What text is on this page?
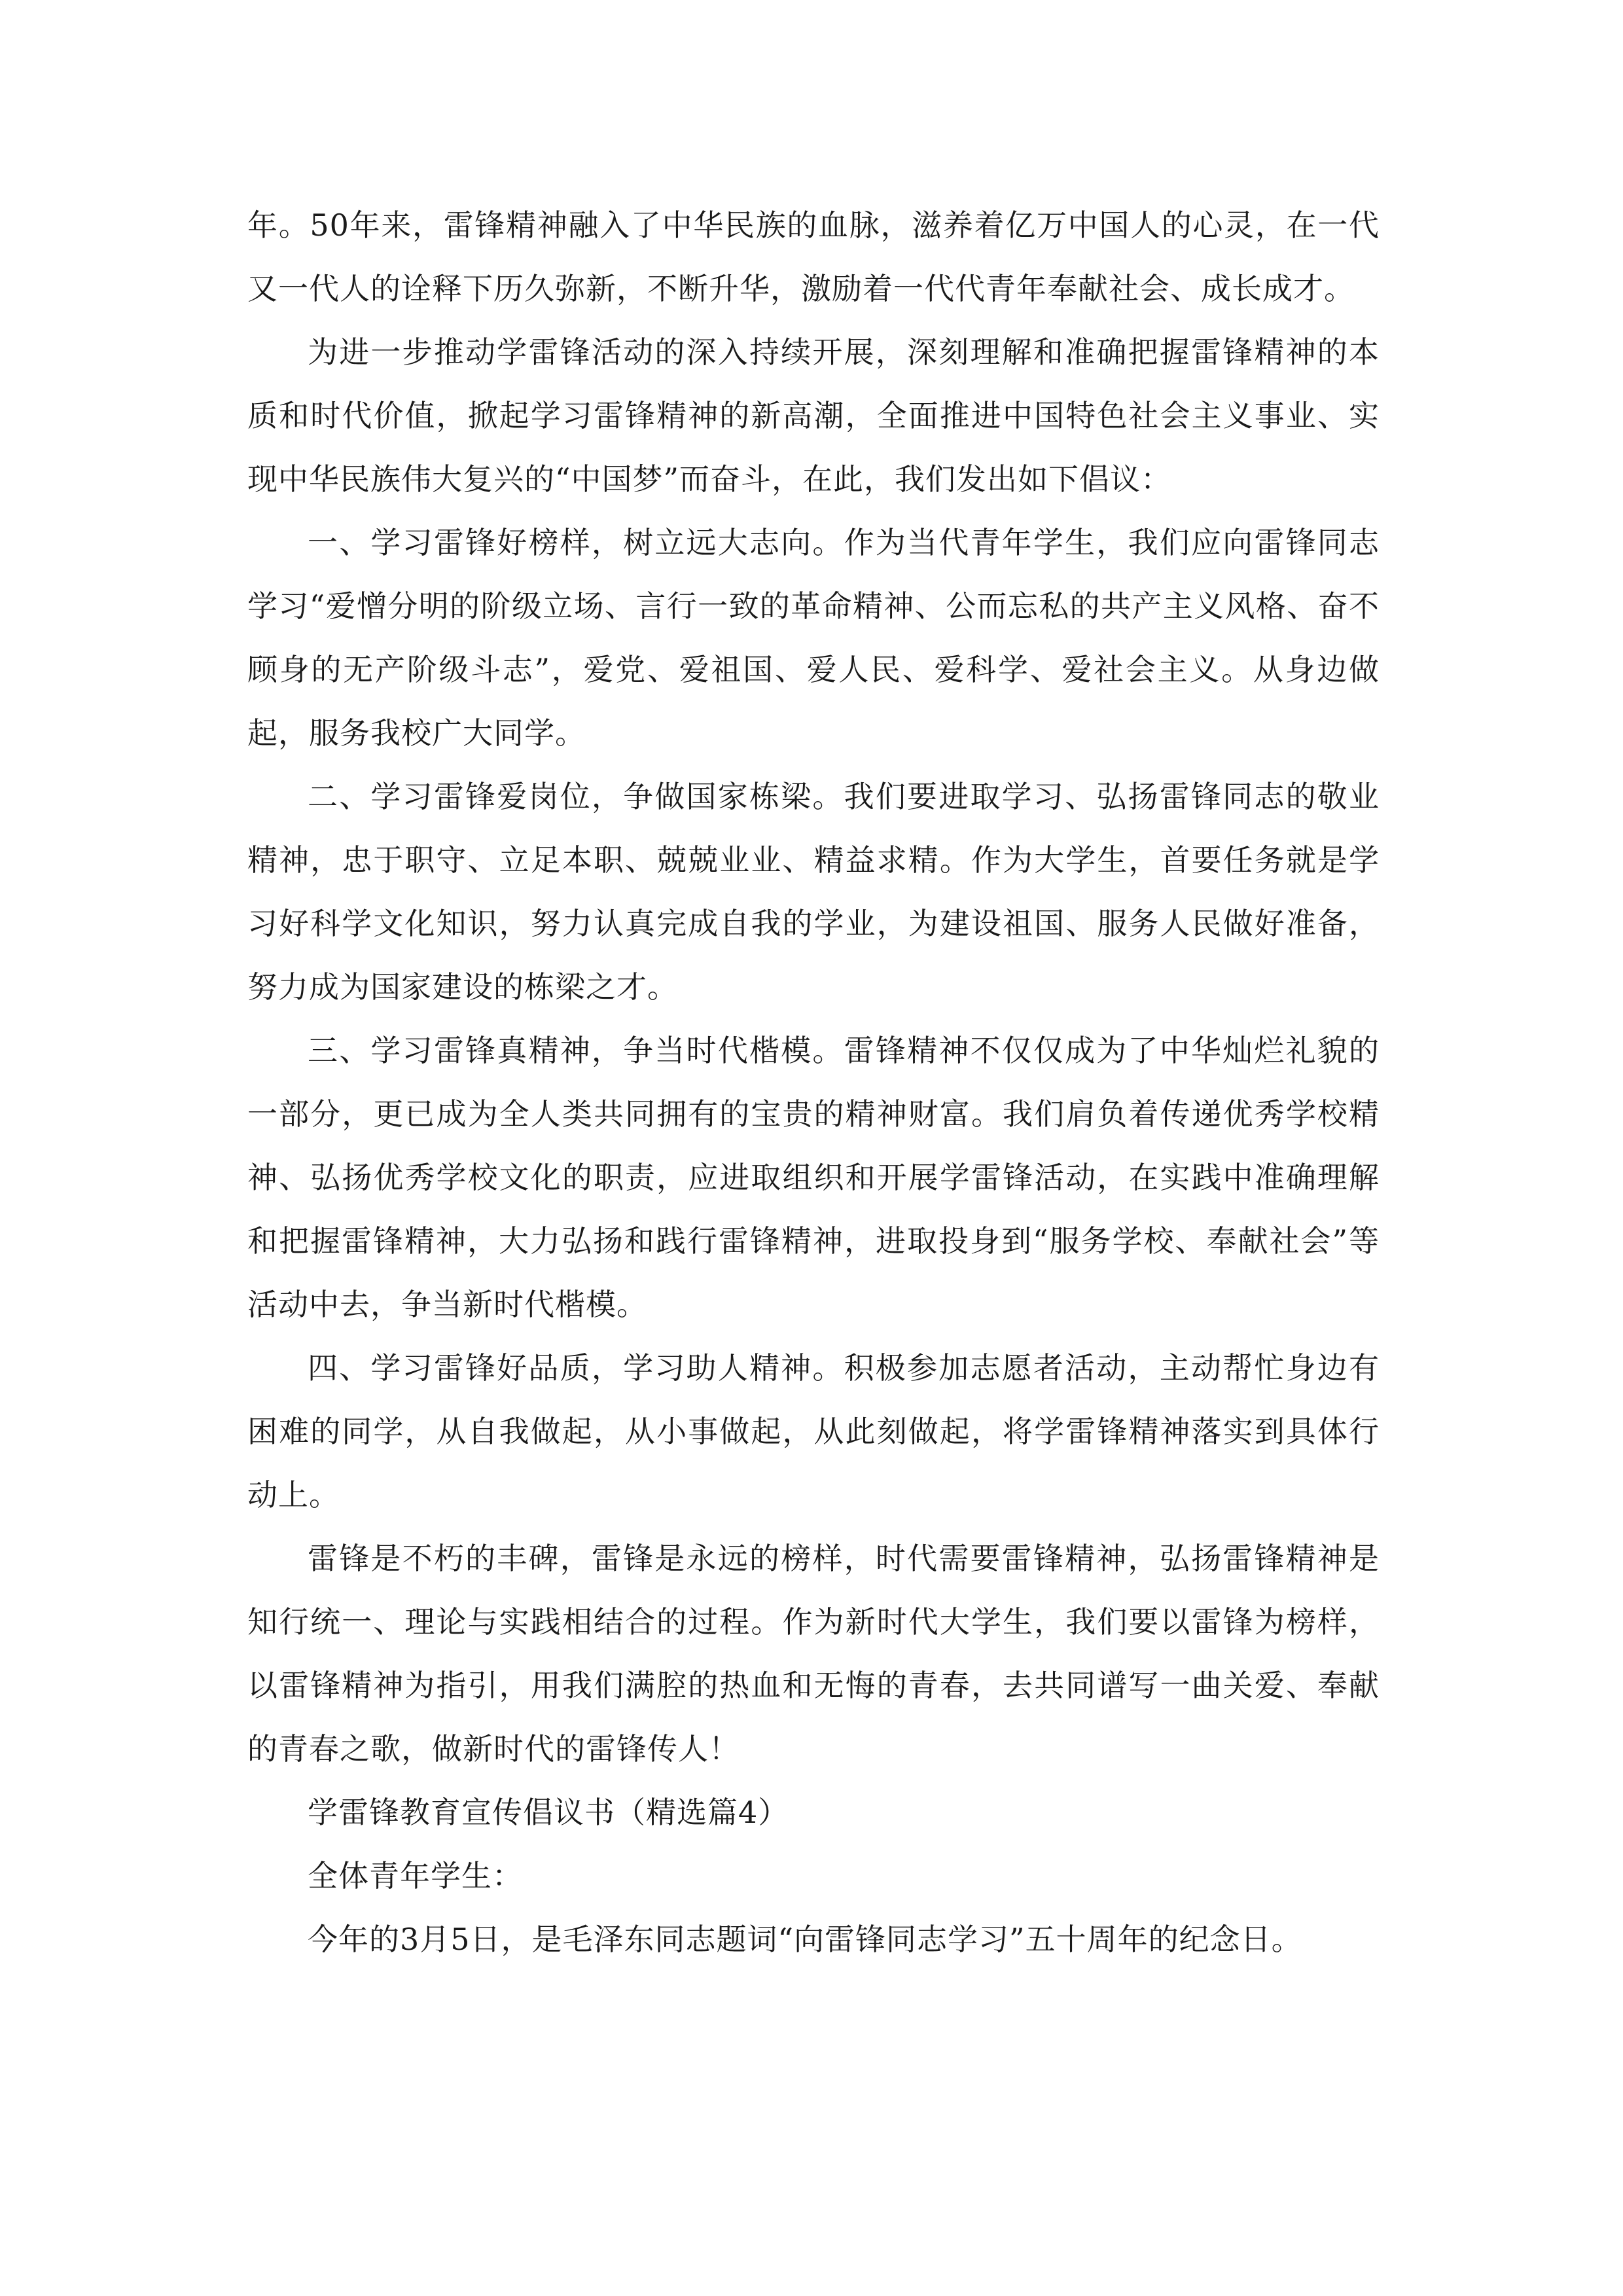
年。50年来，雷锋精神融入了中华民族的血脉，滋养着亿万中国人的心灵，在一代又一代人的诠释下历久弥新，不断升华，激励着一代代青年奉献社会、成长成才。

为进一步推动学雷锋活动的深入持续开展，深刻理解和准确把握雷锋精神的本质和时代价值，掀起学习雷锋精神的新高潮，全面推进中国特色社会主义事业、实现中华民族伟大复兴的“中国梦”而奋斗，在此，我们发出如下倡议：

一、学习雷锋好榜样，树立远大志向。作为当代青年学生，我们应向雷锋同志学习“爱憎分明的阶级立场、言行一致的革命精神、公而忘私的共产主义风格、奋不顾身的无产阶级斗志”，爱党、爱祖国、爱人民、爱科学、爱社会主义。从身边做起，服务我校广大同学。

二、学习雷锋爱岗位，争做国家栋梁。我们要进取学习、弘扬雷锋同志的敬业精神，忠于职守、立足本职、兢兢业业、精益求精。作为大学生，首要任务就是学习好科学文化知识，努力认真完成自我的学业，为建设祖国、服务人民做好准备，努力成为国家建设的栋梁之才。

三、学习雷锋真精神，争当时代楷模。雷锋精神不仅仅成为了中华灿烂礼貌的一部分，更已成为全人类共同拥有的宝贵的精神财富。我们肩负着传递优秀学校精神、弘扬优秀学校文化的职责，应进取组织和开展学雷锋活动，在实践中准确理解和把握雷锋精神，大力弘扬和践行雷锋精神，进取投身到“服务学校、奉献社会”等活动中去，争当新时代楷模。

四、学习雷锋好品质，学习助人精神。积极参加志愿者活动，主动帮忙身边有困难的同学，从自我做起，从小事做起，从此刻做起，将学雷锋精神落实到具体行动上。

雷锋是不朽的丰碑，雷锋是永远的榜样，时代需要雷锋精神，弘扬雷锋精神是知行统一、理论与实践相结合的过程。作为新时代大学生，我们要以雷锋为榜样，以雷锋精神为指引，用我们满腔的热血和无悔的青春，去共同谱写一曲关爱、奉献的青春之歌，做新时代的雷锋传人！

学雷锋教育宣传倡议书（精选篇4）

全体青年学生：

今年的3月5日，是毛泽东同志题词“向雷锋同志学习”五十周年的纪念日。
